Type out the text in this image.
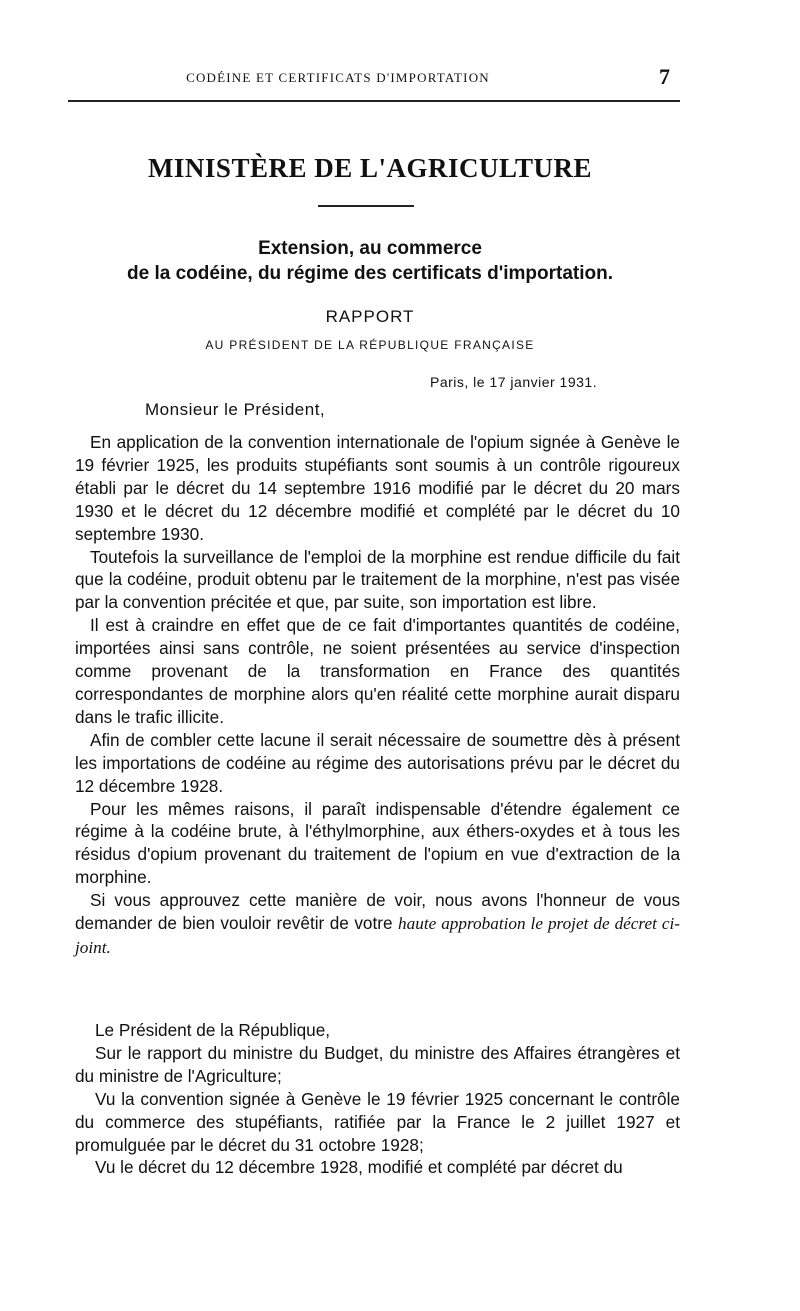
CODÉINE ET CERTIFICATS D'IMPORTATION	7
MINISTÈRE DE L'AGRICULTURE
Extension, au commerce
de la codéine, du régime des certificats d'importation.
RAPPORT
AU PRÉSIDENT DE LA RÉPUBLIQUE FRANÇAISE
Paris, le 17 janvier 1931.
Monsieur le Président,

En application de la convention internationale de l'opium signée à Genève le 19 février 1925, les produits stupéfiants sont soumis à un contrôle rigoureux établi par le décret du 14 septembre 1916 modifié par le décret du 20 mars 1930 et le décret du 12 décembre modifié et complété par le décret du 10 septembre 1930.

Toutefois la surveillance de l'emploi de la morphine est rendue difficile du fait que la codéine, produit obtenu par le traitement de la morphine, n'est pas visée par la convention précitée et que, par suite, son importation est libre.

Il est à craindre en effet que de ce fait d'importantes quantités de codéine, importées ainsi sans contrôle, ne soient présentées au service d'inspection comme provenant de la transformation en France des quantités correspondantes de morphine alors qu'en réalité cette morphine aurait disparu dans le trafic illicite.

Afin de combler cette lacune il serait nécessaire de soumettre dès à présent les importations de codéine au régime des autorisations prévu par le décret du 12 décembre 1928.

Pour les mêmes raisons, il paraît indispensable d'étendre également ce régime à la codéine brute, à l'éthylmorphine, aux éthers-oxydes et à tous les résidus d'opium provenant du traitement de l'opium en vue d'extraction de la morphine.

Si vous approuvez cette manière de voir, nous avons l'honneur de vous demander de bien vouloir revêtir de votre haute approbation le projet de décret ci-joint.

Le Président de la République,

Sur le rapport du ministre du Budget, du ministre des Affaires étrangères et du ministre de l'Agriculture;

Vu la convention signée à Genève le 19 février 1925 concernant le contrôle du commerce des stupéfiants, ratifiée par la France le 2 juillet 1927 et promulguée par le décret du 31 octobre 1928;

Vu le décret du 12 décembre 1928, modifié et complété par décret du
